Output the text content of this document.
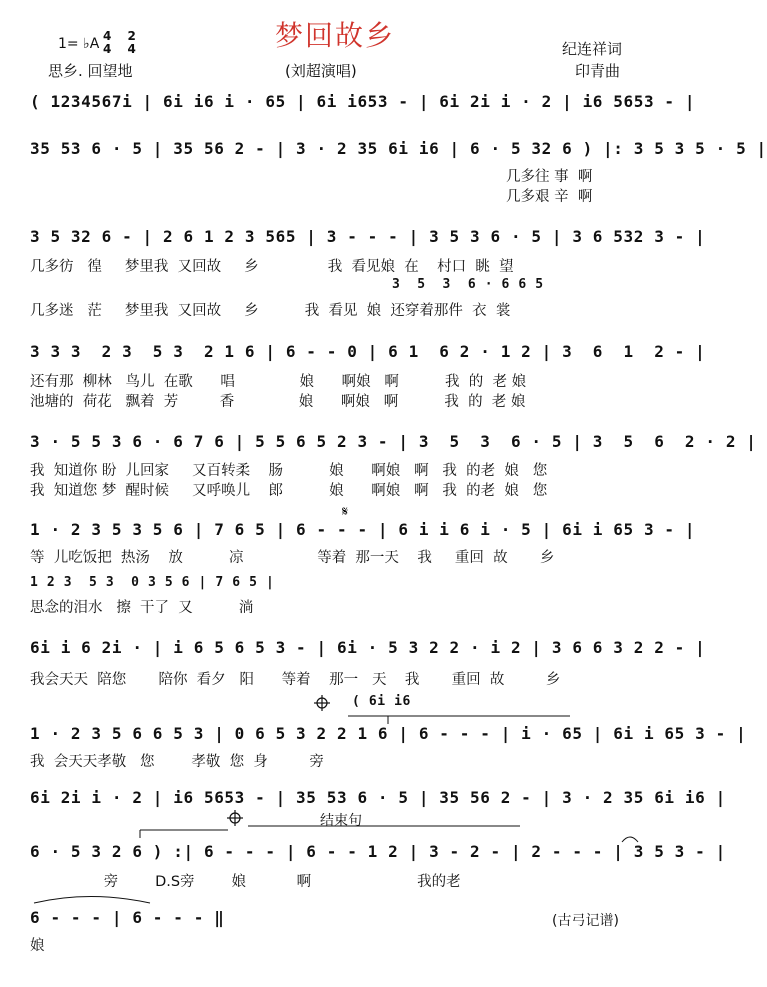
梦回故乡
1= ♭A 4 2
4 4
思乡. 回望地	(刘超演唱)
纪连祥词
印青曲
( 1234567i | 6i i6 i · 65 | 6i i653 - | 6i 2i i · 2 | i6 5653 - |
35 53 6 · 5 | 35 56 2 - | 3 · 2 35 6i i6 | 6 · 5 32 6 ) |: 3 5 3 5 · 5 |
几多往 事  啊
几多艰 辛  啊
3 5 32 6 - | 2 6 1 2 3 565 | 3 - - - | 3 5 3 6 · 5 | 3 6 532 3 - |
几多彷   徨     梦里我  又回故     乡               我  看见娘  在    村口  眺  望
3  5  3  6 · 6 6 5
几多迷   茫     梦里我  又回故     乡          我  看见  娘  还穿着那件  衣  裳
3 3 3  2 3  5 3  2 1 6 | 6 - - 0 | 6 1  6 2 · 1 2 | 3  6  1  2 - |
还有那  柳林   鸟儿  在歌      唱              娘      啊娘   啊          我  的  老 娘
池塘的  荷花   飘着  芳         香              娘      啊娘   啊          我  的  老 娘
3 · 5 5 3 6 · 6 7 6 | 5 5 6 5 2 3 - | 3  5  3  6 · 5 | 3  5  6  2 · 2 |
我  知道你 盼  儿回家     又百转柔    肠          娘      啊娘   啊   我  的老  娘   您
我  知道您 梦  醒时候     又呼唤儿    郎          娘      啊娘   啊   我  的老  娘   您
1 · 2 3 5 3 5 6 | 7 6 5 | 6 - - - | 6 i i 6 i · 5 | 6i i 65 3 - |
等  儿吃饭把  热汤    放          凉                等着  那一天    我     重回  故       乡
1 2 3  5 3  0 3 5 6 | 7 6 5 |
思念的泪水   擦  干了  又          淌
6i i 6 2i · | i 6 5 6 5 3 - | 6i · 5 3 2 2 · i 2 | 3 6 6 3 2 2 - |
我会天天  陪您       陪你  看夕   阳      等着    那一   天    我       重回  故         乡
( 6i i6
1 · 2 3 5 6 6 5 3 | 0 6 5 3 2 2 1 6 | 6 - - - | i · 65 | 6i i 65 3 - |
我  会天天孝敬   您        孝敬  您  身         旁
6i 2i i · 2 | i6 5653 - | 35 53 6 · 5 | 35 56 2 - | 3 · 2 35 6i i6 |
结束句
6 · 5 3 2 6 ) :| 6 - - - | 6 - - 1 2 | 3 - 2 - | 2 - - - | 3 5 3 - |
旁        D.S旁        娘           啊                       我的老
6 - - - | 6 - - - ‖
娘
(古弓记谱)
𝄋
